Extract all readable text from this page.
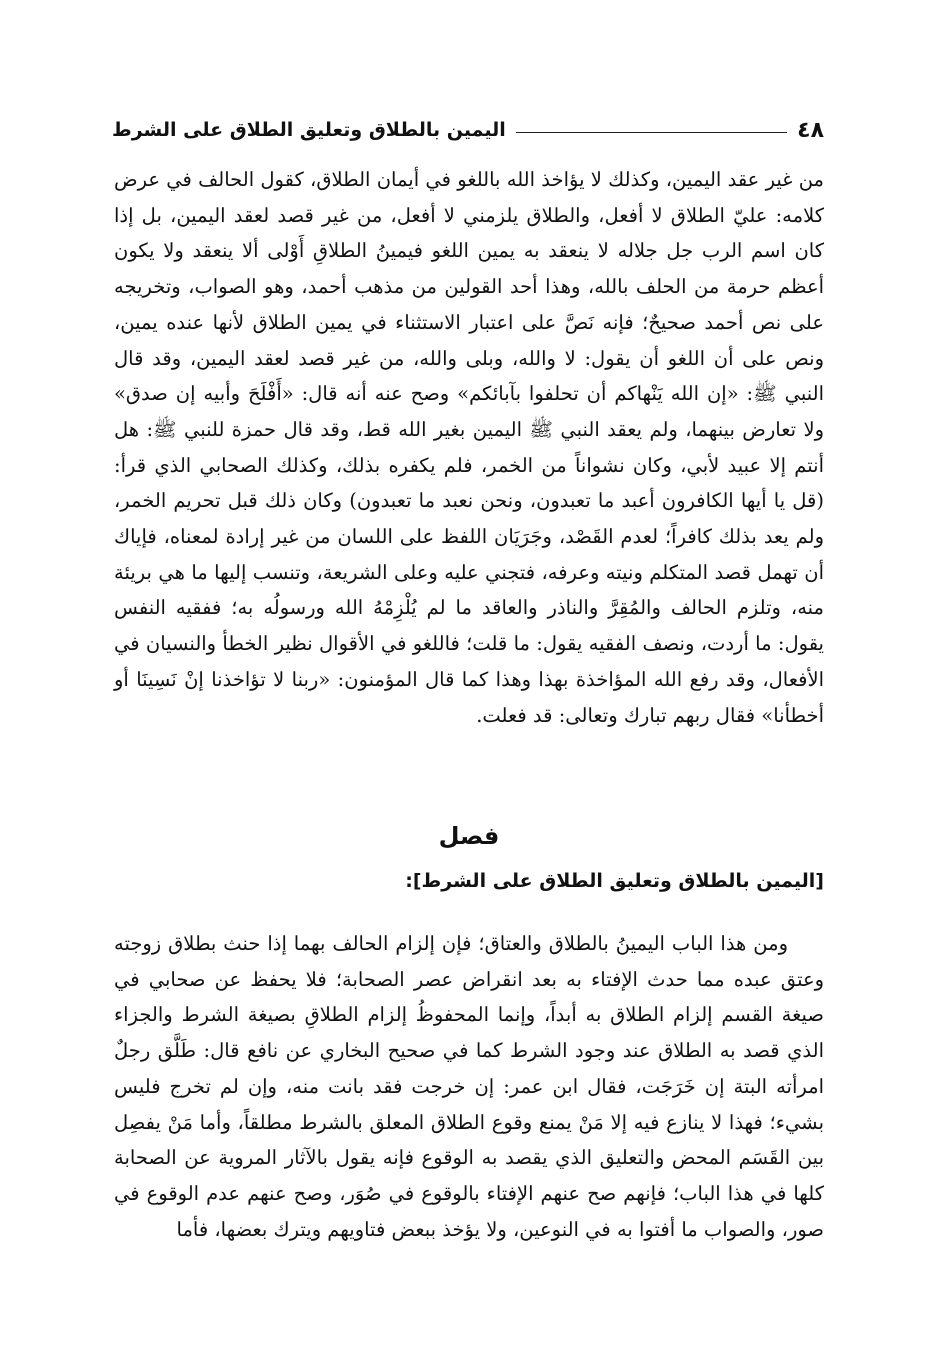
٤٨
اليمين بالطلاق وتعليق الطلاق على الشرط

من غير عقد اليمين، وكذلك لا يؤاخذ الله باللغو في أيمان الطلاق، كقول الحالف في عرض كلامه: عليّ الطلاق لا أفعل، والطلاق يلزمني لا أفعل، من غير قصد لعقد اليمين، بل إذا كان اسم الرب جل جلاله لا ينعقد به يمين اللغو فيمينُ الطلاقِ أَوْلى ألا ينعقد ولا يكون أعظم حرمة من الحلف بالله، وهذا أحد القولين من مذهب أحمد، وهو الصواب، وتخريجه على نص أحمد صحيحٌ؛ فإنه نَصَّ على اعتبار الاستثناء في يمين الطلاق لأنها عنده يمين، ونص على أن اللغو أن يقول: لا والله، وبلى والله، من غير قصد لعقد اليمين، وقد قال النبي ﷺ: «إن الله يَنْهاكم أن تحلفوا بآبائكم» وصح عنه أنه قال: «أَفْلَحَ وأبيه إن صدق» ولا تعارض بينهما، ولم يعقد النبي ﷺ اليمين بغير الله قط، وقد قال حمزة للنبي ﷺ: هل أنتم إلا عبيد لأبي، وكان نشواناً من الخمر، فلم يكفره بذلك، وكذلك الصحابي الذي قرأ: (قل يا أيها الكافرون أعبد ما تعبدون، ونحن نعبد ما تعبدون) وكان ذلك قبل تحريم الخمر، ولم يعد بذلك كافراً؛ لعدم القَصْد، وجَرَيَان اللفظ على اللسان من غير إرادة لمعناه، فإياك أن تهمل قصد المتكلم ونيته وعرفه، فتجني عليه وعلى الشريعة، وتنسب إليها ما هي بريئة منه، وتلزم الحالف والمُقِرَّ والناذر والعاقد ما لم يُلْزِمْهُ الله ورسولُه به؛ ففقيه النفس يقول: ما أردت، ونصف الفقيه يقول: ما قلت؛ فاللغو في الأقوال نظير الخطأ والنسيان في الأفعال، وقد رفع الله المؤاخذة بهذا وهذا كما قال المؤمنون: «ربنا لا تؤاخذنا إنْ نَسِينَا أو أخطأنا» فقال ربهم تبارك وتعالى: قد فعلت.

فصل
[اليمين بالطلاق وتعليق الطلاق على الشرط]:

ومن هذا الباب اليمينُ بالطلاق والعتاق؛ فإن إلزام الحالف بهما إذا حنث بطلاق زوجته وعتق عبده مما حدث الإفتاء به بعد انقراض عصر الصحابة؛ فلا يحفظ عن صحابي في صيغة القسم إلزام الطلاق به أبداً، وإنما المحفوظُ إلزام الطلاقِ بصيغة الشرط والجزاء الذي قصد به الطلاق عند وجود الشرط كما في صحيح البخاري عن نافع قال: طَلَّق رجلٌ امرأته البتة إن خَرَجَت، فقال ابن عمر: إن خرجت فقد بانت منه، وإن لم تخرج فليس بشيء؛ فهذا لا ينازع فيه إلا مَنْ يمنع وقوع الطلاق المعلق بالشرط مطلقاً، وأما مَنْ يفصِل بين القَسَم المحض والتعليق الذي يقصد به الوقوع فإنه يقول بالآثار المروية عن الصحابة كلها في هذا الباب؛ فإنهم صح عنهم الإفتاء بالوقوع في صُوَر، وصح عنهم عدم الوقوع في صور، والصواب ما أفتوا به في النوعين، ولا يؤخذ ببعض فتاويهم ويترك بعضها، فأما
